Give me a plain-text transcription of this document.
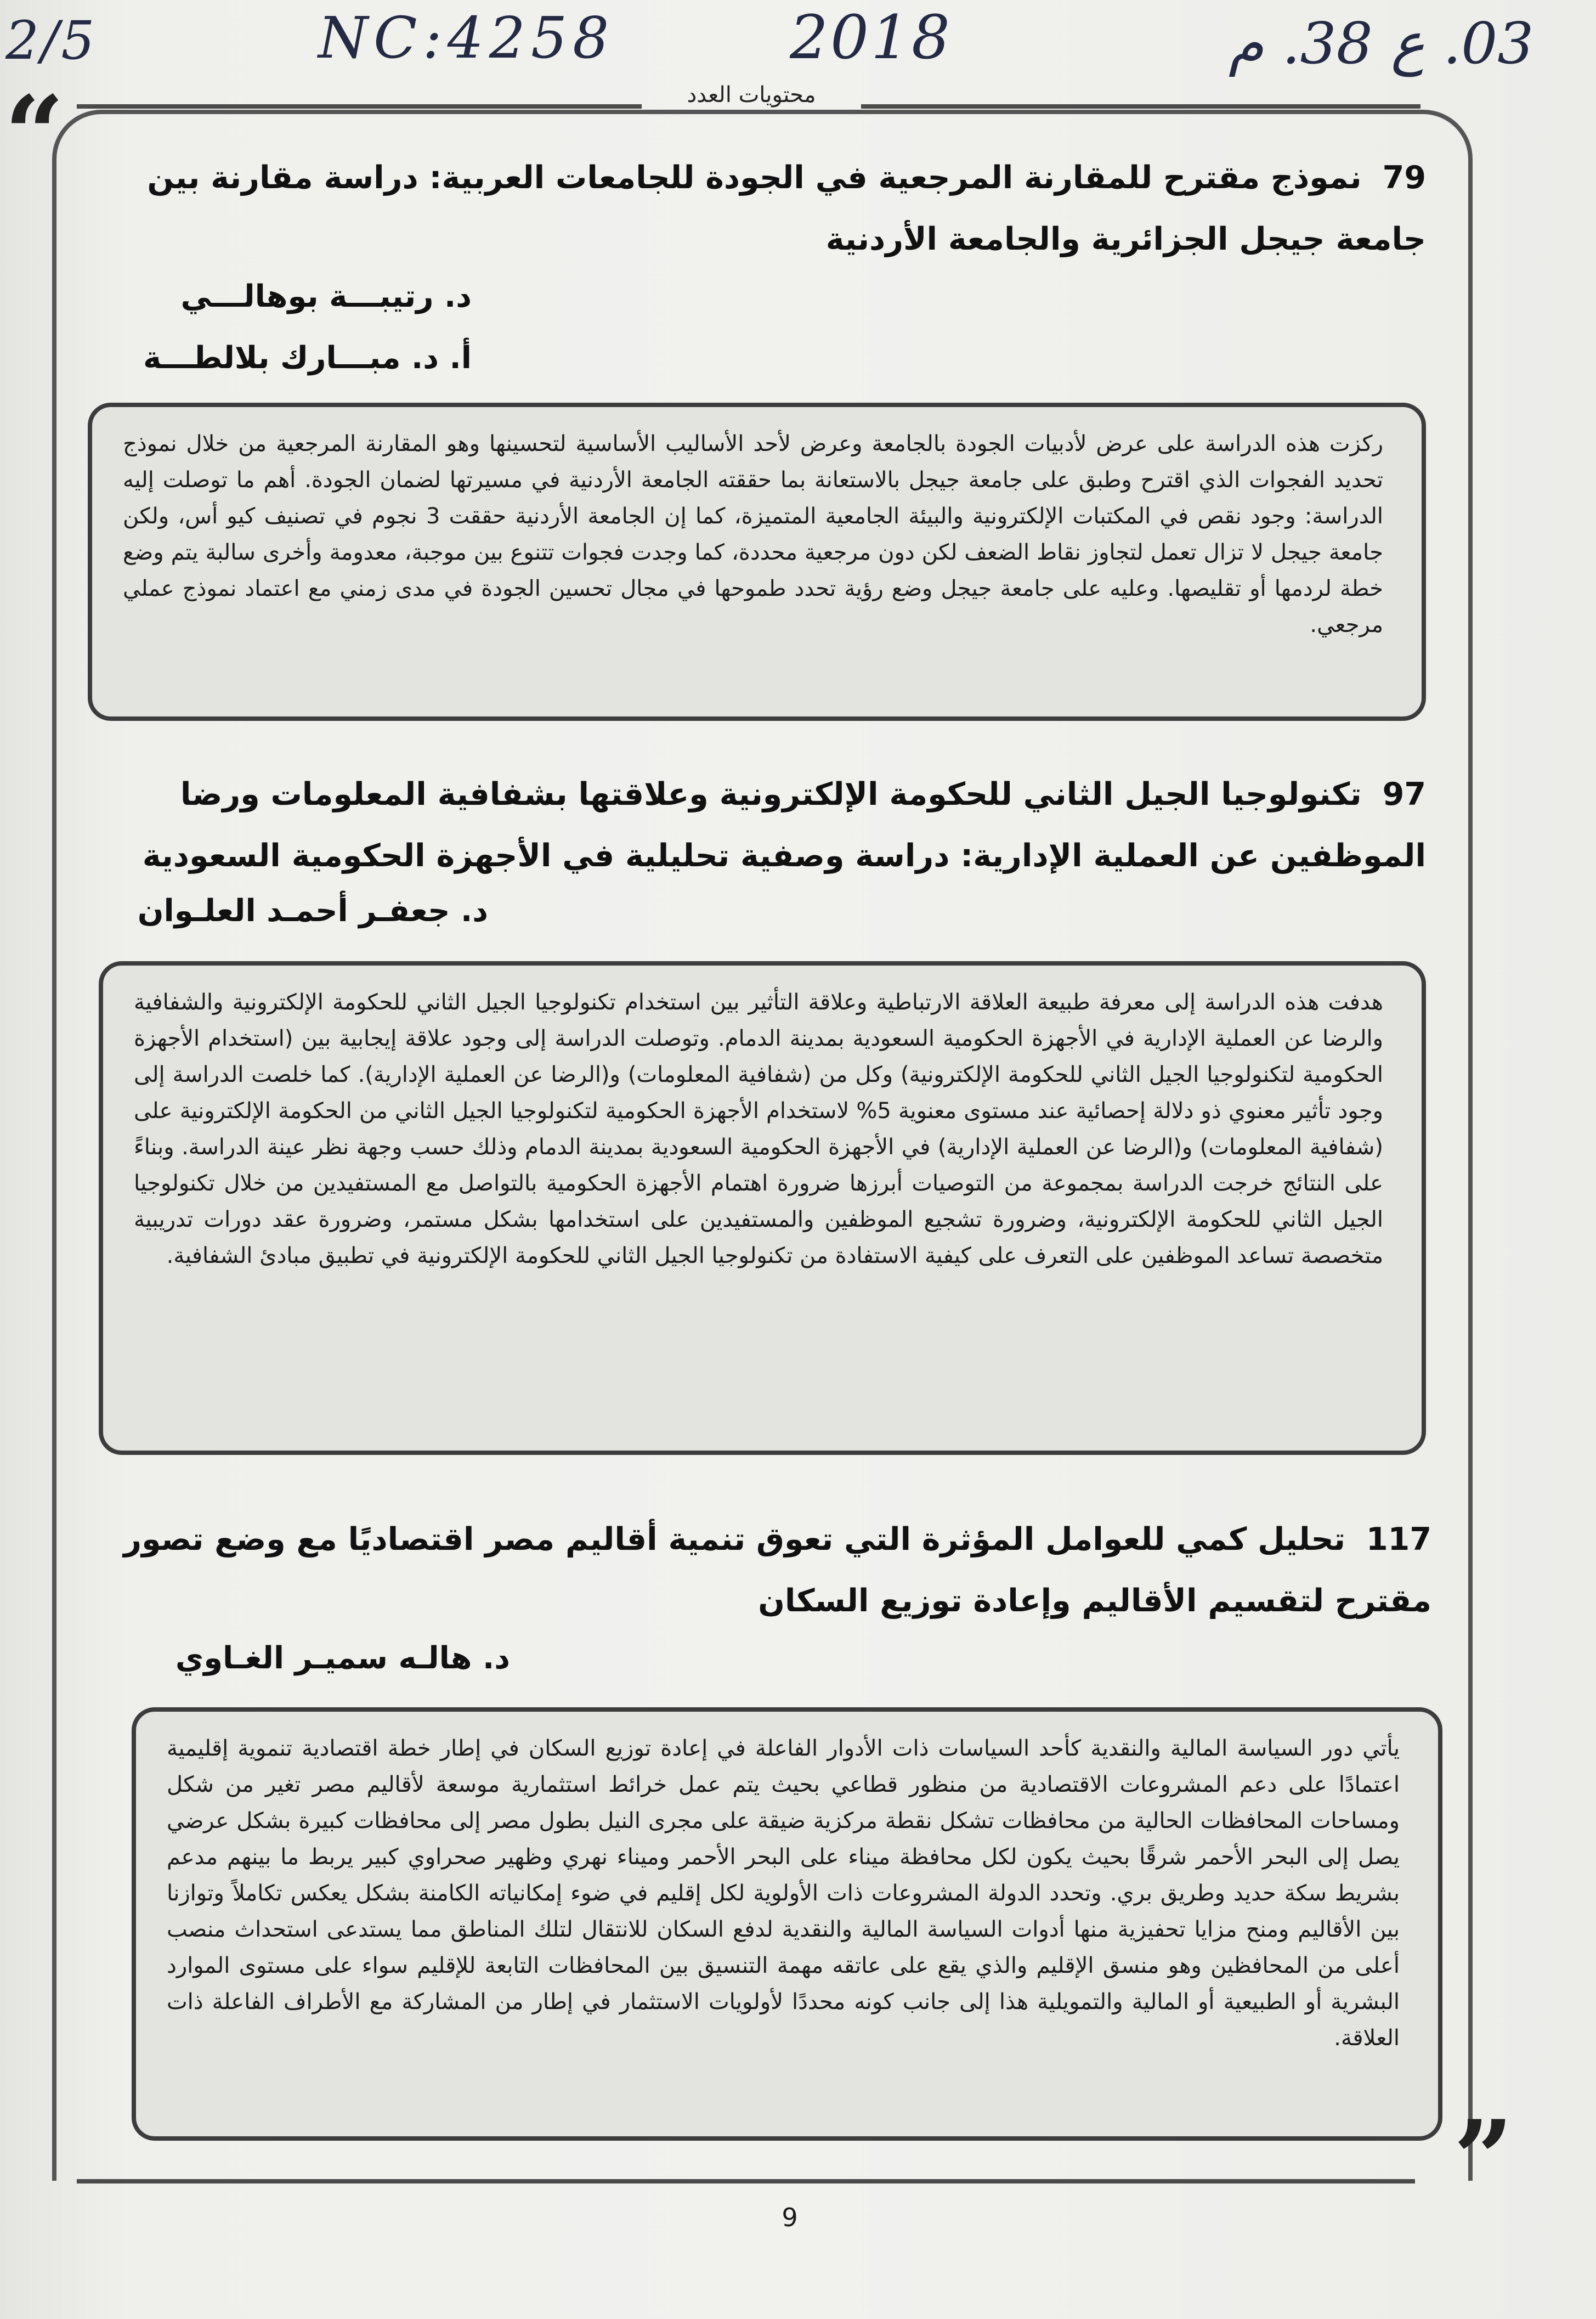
2/5	NC:4258	2018	03. ع 38. م
محتويات العدد
“
”
79نموذج مقترح للمقارنة المرجعية في الجودة للجامعات العربية: دراسة مقارنة بين جامعة جيجل الجزائرية والجامعة الأردنية
د. رتيبـــة بوهالـــي
أ. د. مبـــارك بلالطـــة
ركزت هذه الدراسة على عرض لأدبيات الجودة بالجامعة وعرض لأحد الأساليب الأساسية لتحسينها وهو المقارنة المرجعية من خلال نموذج تحديد الفجوات الذي اقترح وطبق على جامعة جيجل بالاستعانة بما حققته الجامعة الأردنية في مسيرتها لضمان الجودة. أهم ما توصلت إليه الدراسة: وجود نقص في المكتبات الإلكترونية والبيئة الجامعية المتميزة، كما إن الجامعة الأردنية حققت 3 نجوم في تصنيف كيو أس، ولكن جامعة جيجل لا تزال تعمل لتجاوز نقاط الضعف لكن دون مرجعية محددة، كما وجدت فجوات تتنوع بين موجبة، معدومة وأخرى سالبة يتم وضع خطة لردمها أو تقليصها. وعليه على جامعة جيجل وضع رؤية تحدد طموحها في مجال تحسين الجودة في مدى زمني مع اعتماد نموذج عملي مرجعي.
97تكنولوجيا الجيل الثاني للحكومة الإلكترونية وعلاقتها بشفافية المعلومات ورضا الموظفين عن العملية الإدارية: دراسة وصفية تحليلية في الأجهزة الحكومية السعودية
د. جعفـر أحمـد العلـوان
هدفت هذه الدراسة إلى معرفة طبيعة العلاقة الارتباطية وعلاقة التأثير بين استخدام تكنولوجيا الجيل الثاني للحكومة الإلكترونية والشفافية والرضا عن العملية الإدارية في الأجهزة الحكومية السعودية بمدينة الدمام. وتوصلت الدراسة إلى وجود علاقة إيجابية بين (استخدام الأجهزة الحكومية لتكنولوجيا الجيل الثاني للحكومة الإلكترونية) وكل من (شفافية المعلومات) و(الرضا عن العملية الإدارية). كما خلصت الدراسة إلى وجود تأثير معنوي ذو دلالة إحصائية عند مستوى معنوية 5% لاستخدام الأجهزة الحكومية لتكنولوجيا الجيل الثاني من الحكومة الإلكترونية على (شفافية المعلومات) و(الرضا عن العملية الإدارية) في الأجهزة الحكومية السعودية بمدينة الدمام وذلك حسب وجهة نظر عينة الدراسة. وبناءً على النتائج خرجت الدراسة بمجموعة من التوصيات أبرزها ضرورة اهتمام الأجهزة الحكومية بالتواصل مع المستفيدين من خلال تكنولوجيا الجيل الثاني للحكومة الإلكترونية، وضرورة تشجيع الموظفين والمستفيدين على استخدامها بشكل مستمر، وضرورة عقد دورات تدريبية متخصصة تساعد الموظفين على التعرف على كيفية الاستفادة من تكنولوجيا الجيل الثاني للحكومة الإلكترونية في تطبيق مبادئ الشفافية.
117تحليل كمي للعوامل المؤثرة التي تعوق تنمية أقاليم مصر اقتصاديًا مع وضع تصور مقترح لتقسيم الأقاليم وإعادة توزيع السكان
د. هالـه سميـر الغـاوي
يأتي دور السياسة المالية والنقدية كأحد السياسات ذات الأدوار الفاعلة في إعادة توزيع السكان في إطار خطة اقتصادية تنموية إقليمية اعتمادًا على دعم المشروعات الاقتصادية من منظور قطاعي بحيث يتم عمل خرائط استثمارية موسعة لأقاليم مصر تغير من شكل ومساحات المحافظات الحالية من محافظات تشكل نقطة مركزية ضيقة على مجرى النيل بطول مصر إلى محافظات كبيرة بشكل عرضي يصل إلى البحر الأحمر شرقًا بحيث يكون لكل محافظة ميناء على البحر الأحمر وميناء نهري وظهير صحراوي كبير يربط ما بينهم مدعم بشريط سكة حديد وطريق بري. وتحدد الدولة المشروعات ذات الأولوية لكل إقليم في ضوء إمكانياته الكامنة بشكل يعكس تكاملاً وتوازنا بين الأقاليم ومنح مزايا تحفيزية منها أدوات السياسة المالية والنقدية لدفع السكان للانتقال لتلك المناطق مما يستدعى استحداث منصب أعلى من المحافظين وهو منسق الإقليم والذي يقع على عاتقه مهمة التنسيق بين المحافظات التابعة للإقليم سواء على مستوى الموارد البشرية أو الطبيعية أو المالية والتمويلية هذا إلى جانب كونه محددًا لأولويات الاستثمار في إطار من المشاركة مع الأطراف الفاعلة ذات العلاقة.
9
